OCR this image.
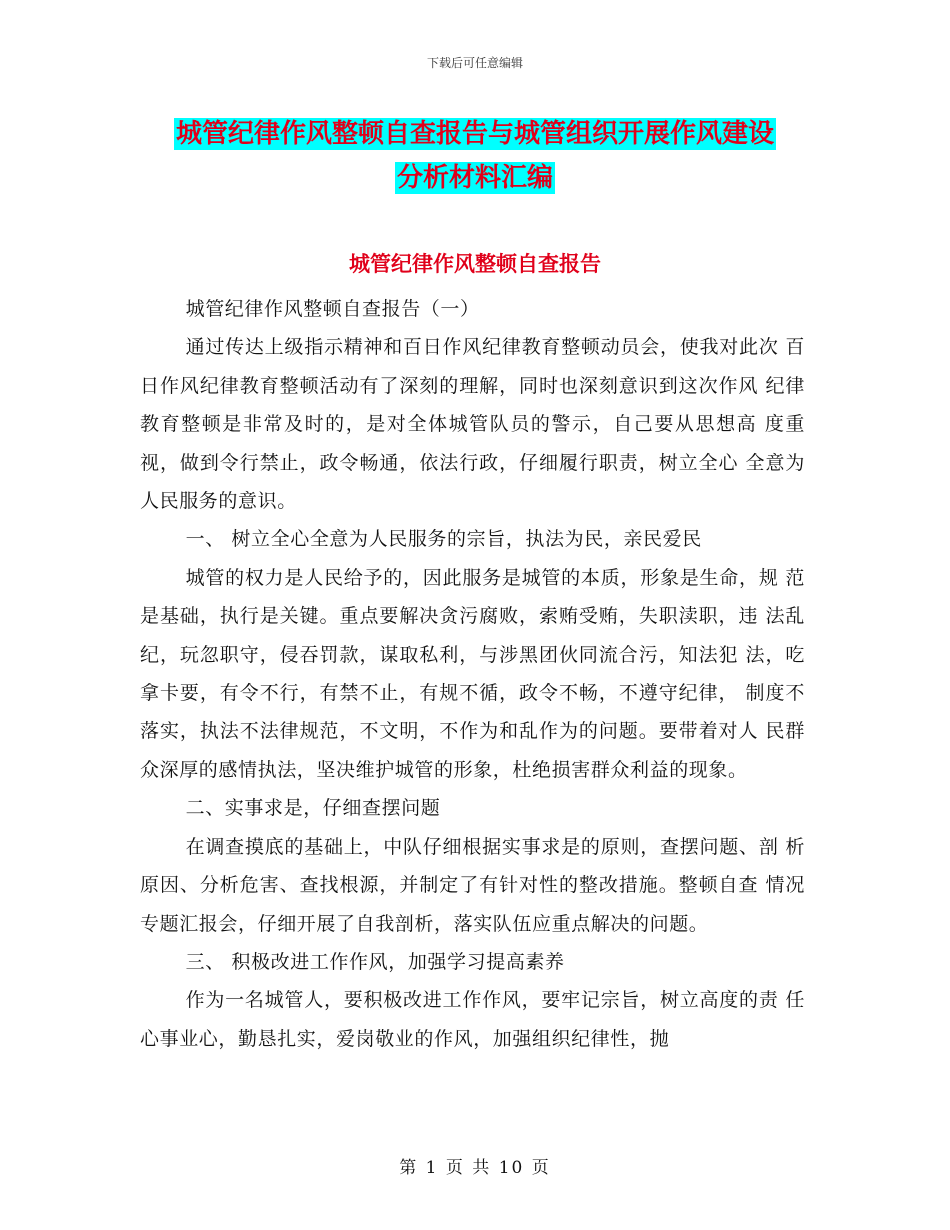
下载后可任意编辑
城管纪律作风整顿自查报告与城管组织开展作风建设
分析材料汇编
城管纪律作风整顿自查报告

城管纪律作风整顿自查报告（一）

通过传达上级指示精神和百日作风纪律教育整顿动员会，使我对此次 百日作风纪律教育整顿活动有了深刻的理解，同时也深刻意识到这次作风 纪律教育整顿是非常及时的，是对全体城管队员的警示，自己要从思想高 度重视，做到令行禁止，政令畅通，依法行政，仔细履行职责，树立全心 全意为人民服务的意识。

一、 树立全心全意为人民服务的宗旨，执法为民，亲民爱民

城管的权力是人民给予的，因此服务是城管的本质，形象是生命，规 范是基础，执行是关键。重点要解决贪污腐败，索贿受贿，失职渎职，违 法乱纪，玩忽职守，侵吞罚款，谋取私利，与涉黑团伙同流合污，知法犯 法，吃拿卡要，有令不行，有禁不止，有规不循，政令不畅，不遵守纪律， 制度不落实，执法不法律规范，不文明，不作为和乱作为的问题。要带着对人 民群众深厚的感情执法，坚决维护城管的形象，杜绝损害群众利益的现象。

二、实事求是，仔细查摆问题

在调查摸底的基础上，中队仔细根据实事求是的原则，查摆问题、剖 析原因、分析危害、查找根源，并制定了有针对性的整改措施。整顿自查 情况专题汇报会，仔细开展了自我剖析，落实队伍应重点解决的问题。

三、 积极改进工作作风，加强学习提高素养

作为一名城管人，要积极改进工作作风，要牢记宗旨，树立高度的责 任心事业心，勤恳扎实，爱岗敬业的作风，加强组织纪律性，抛

第 1 页 共 10 页
